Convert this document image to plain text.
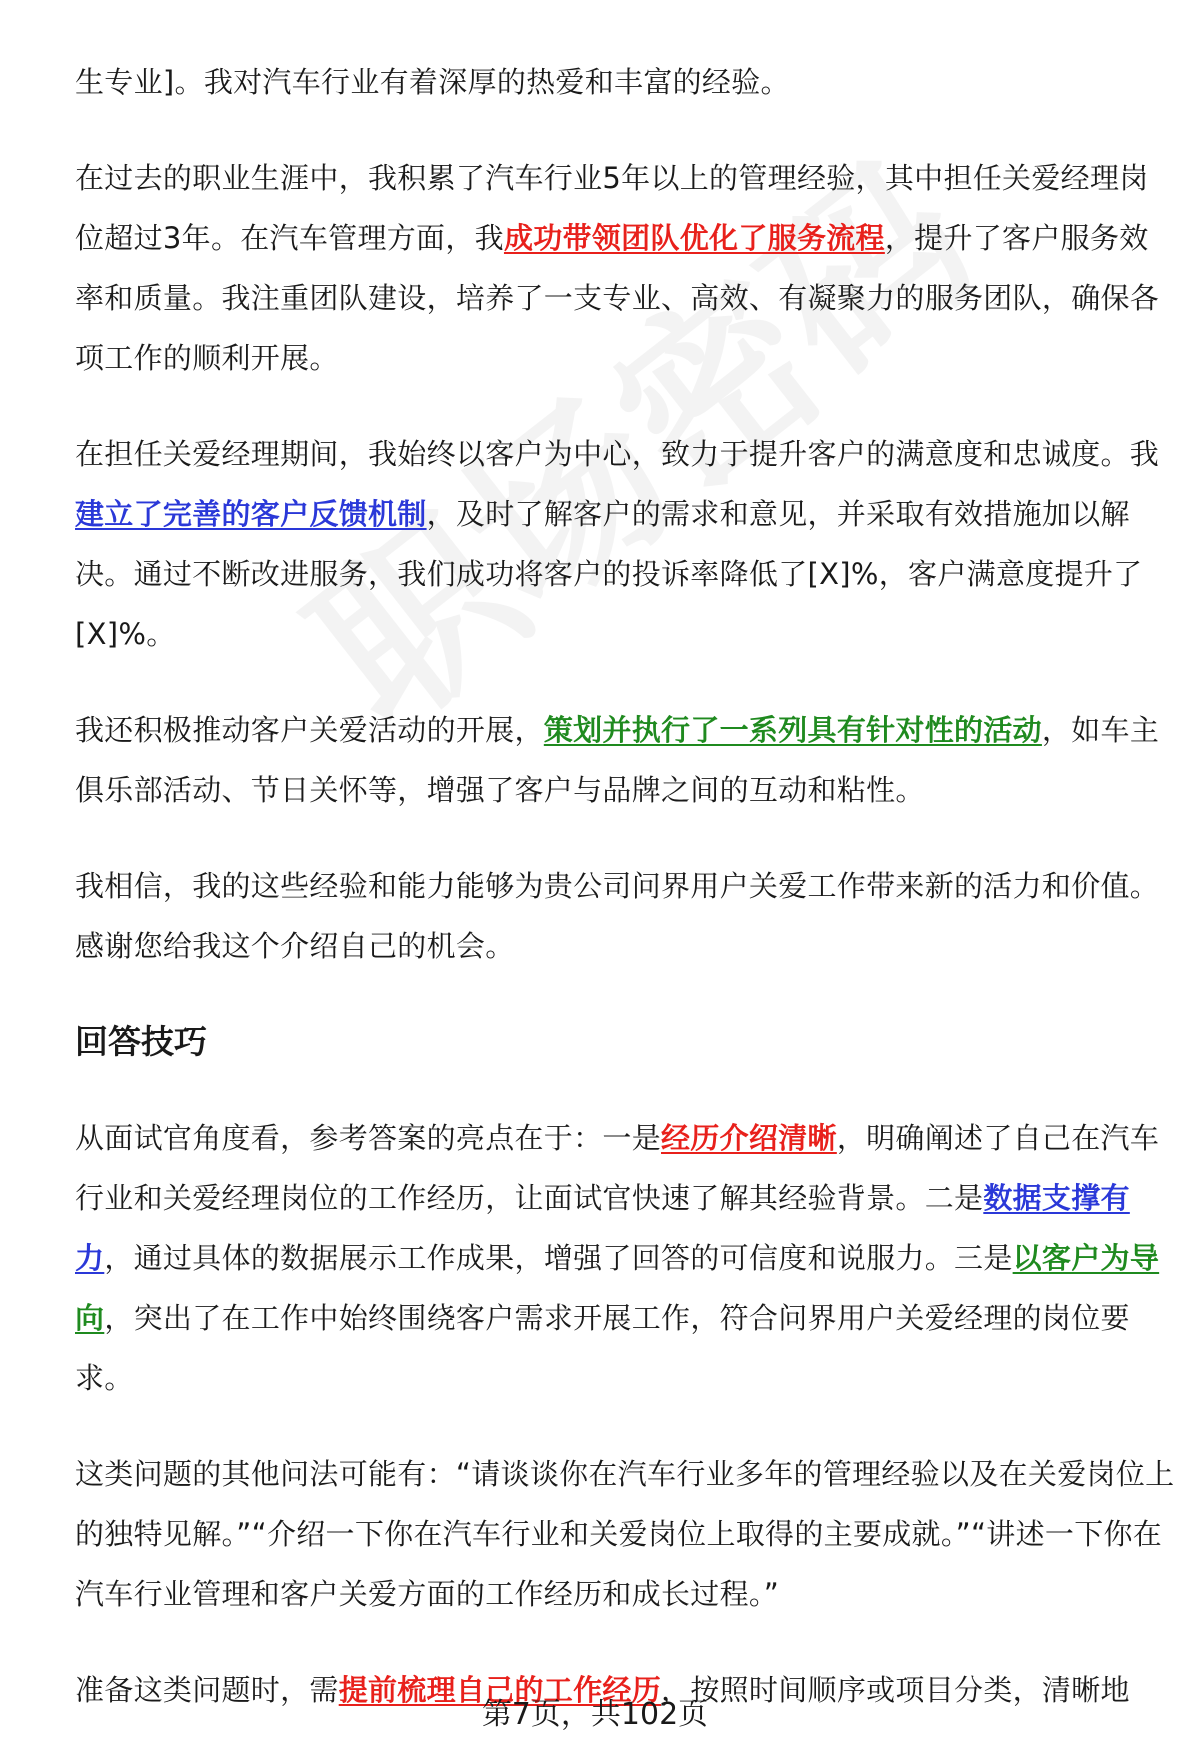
生专业]。我对汽车行业有着深厚的热爱和丰富的经验。

在过去的职业生涯中，我积累了汽车行业5年以上的管理经验，其中担任关爱经理岗位超过3年。在汽车管理方面，我成功带领团队优化了服务流程，提升了客户服务效率和质量。我注重团队建设，培养了一支专业、高效、有凝聚力的服务团队，确保各项工作的顺利开展。

在担任关爱经理期间，我始终以客户为中心，致力于提升客户的满意度和忠诚度。我建立了完善的客户反馈机制，及时了解客户的需求和意见，并采取有效措施加以解决。通过不断改进服务，我们成功将客户的投诉率降低了[X]%，客户满意度提升了[X]%。

我还积极推动客户关爱活动的开展，策划并执行了一系列具有针对性的活动，如车主俱乐部活动、节日关怀等，增强了客户与品牌之间的互动和粘性。

我相信，我的这些经验和能力能够为贵公司问界用户关爱工作带来新的活力和价值。感谢您给我这个介绍自己的机会。

回答技巧

从面试官角度看，参考答案的亮点在于：一是经历介绍清晰，明确阐述了自己在汽车行业和关爱经理岗位的工作经历，让面试官快速了解其经验背景。二是数据支撑有力，通过具体的数据展示工作成果，增强了回答的可信度和说服力。三是以客户为导向，突出了在工作中始终围绕客户需求开展工作，符合问界用户关爱经理的岗位要求。

这类问题的其他问法可能有：“请谈谈你在汽车行业多年的管理经验以及在关爱岗位上的独特见解。”“介绍一下你在汽车行业和关爱岗位上取得的主要成就。”“讲述一下你在汽车行业管理和客户关爱方面的工作经历和成长过程。”

准备这类问题时，需提前梳理自己的工作经历，按照时间顺序或项目分类，清晰地

第7页，共102页
